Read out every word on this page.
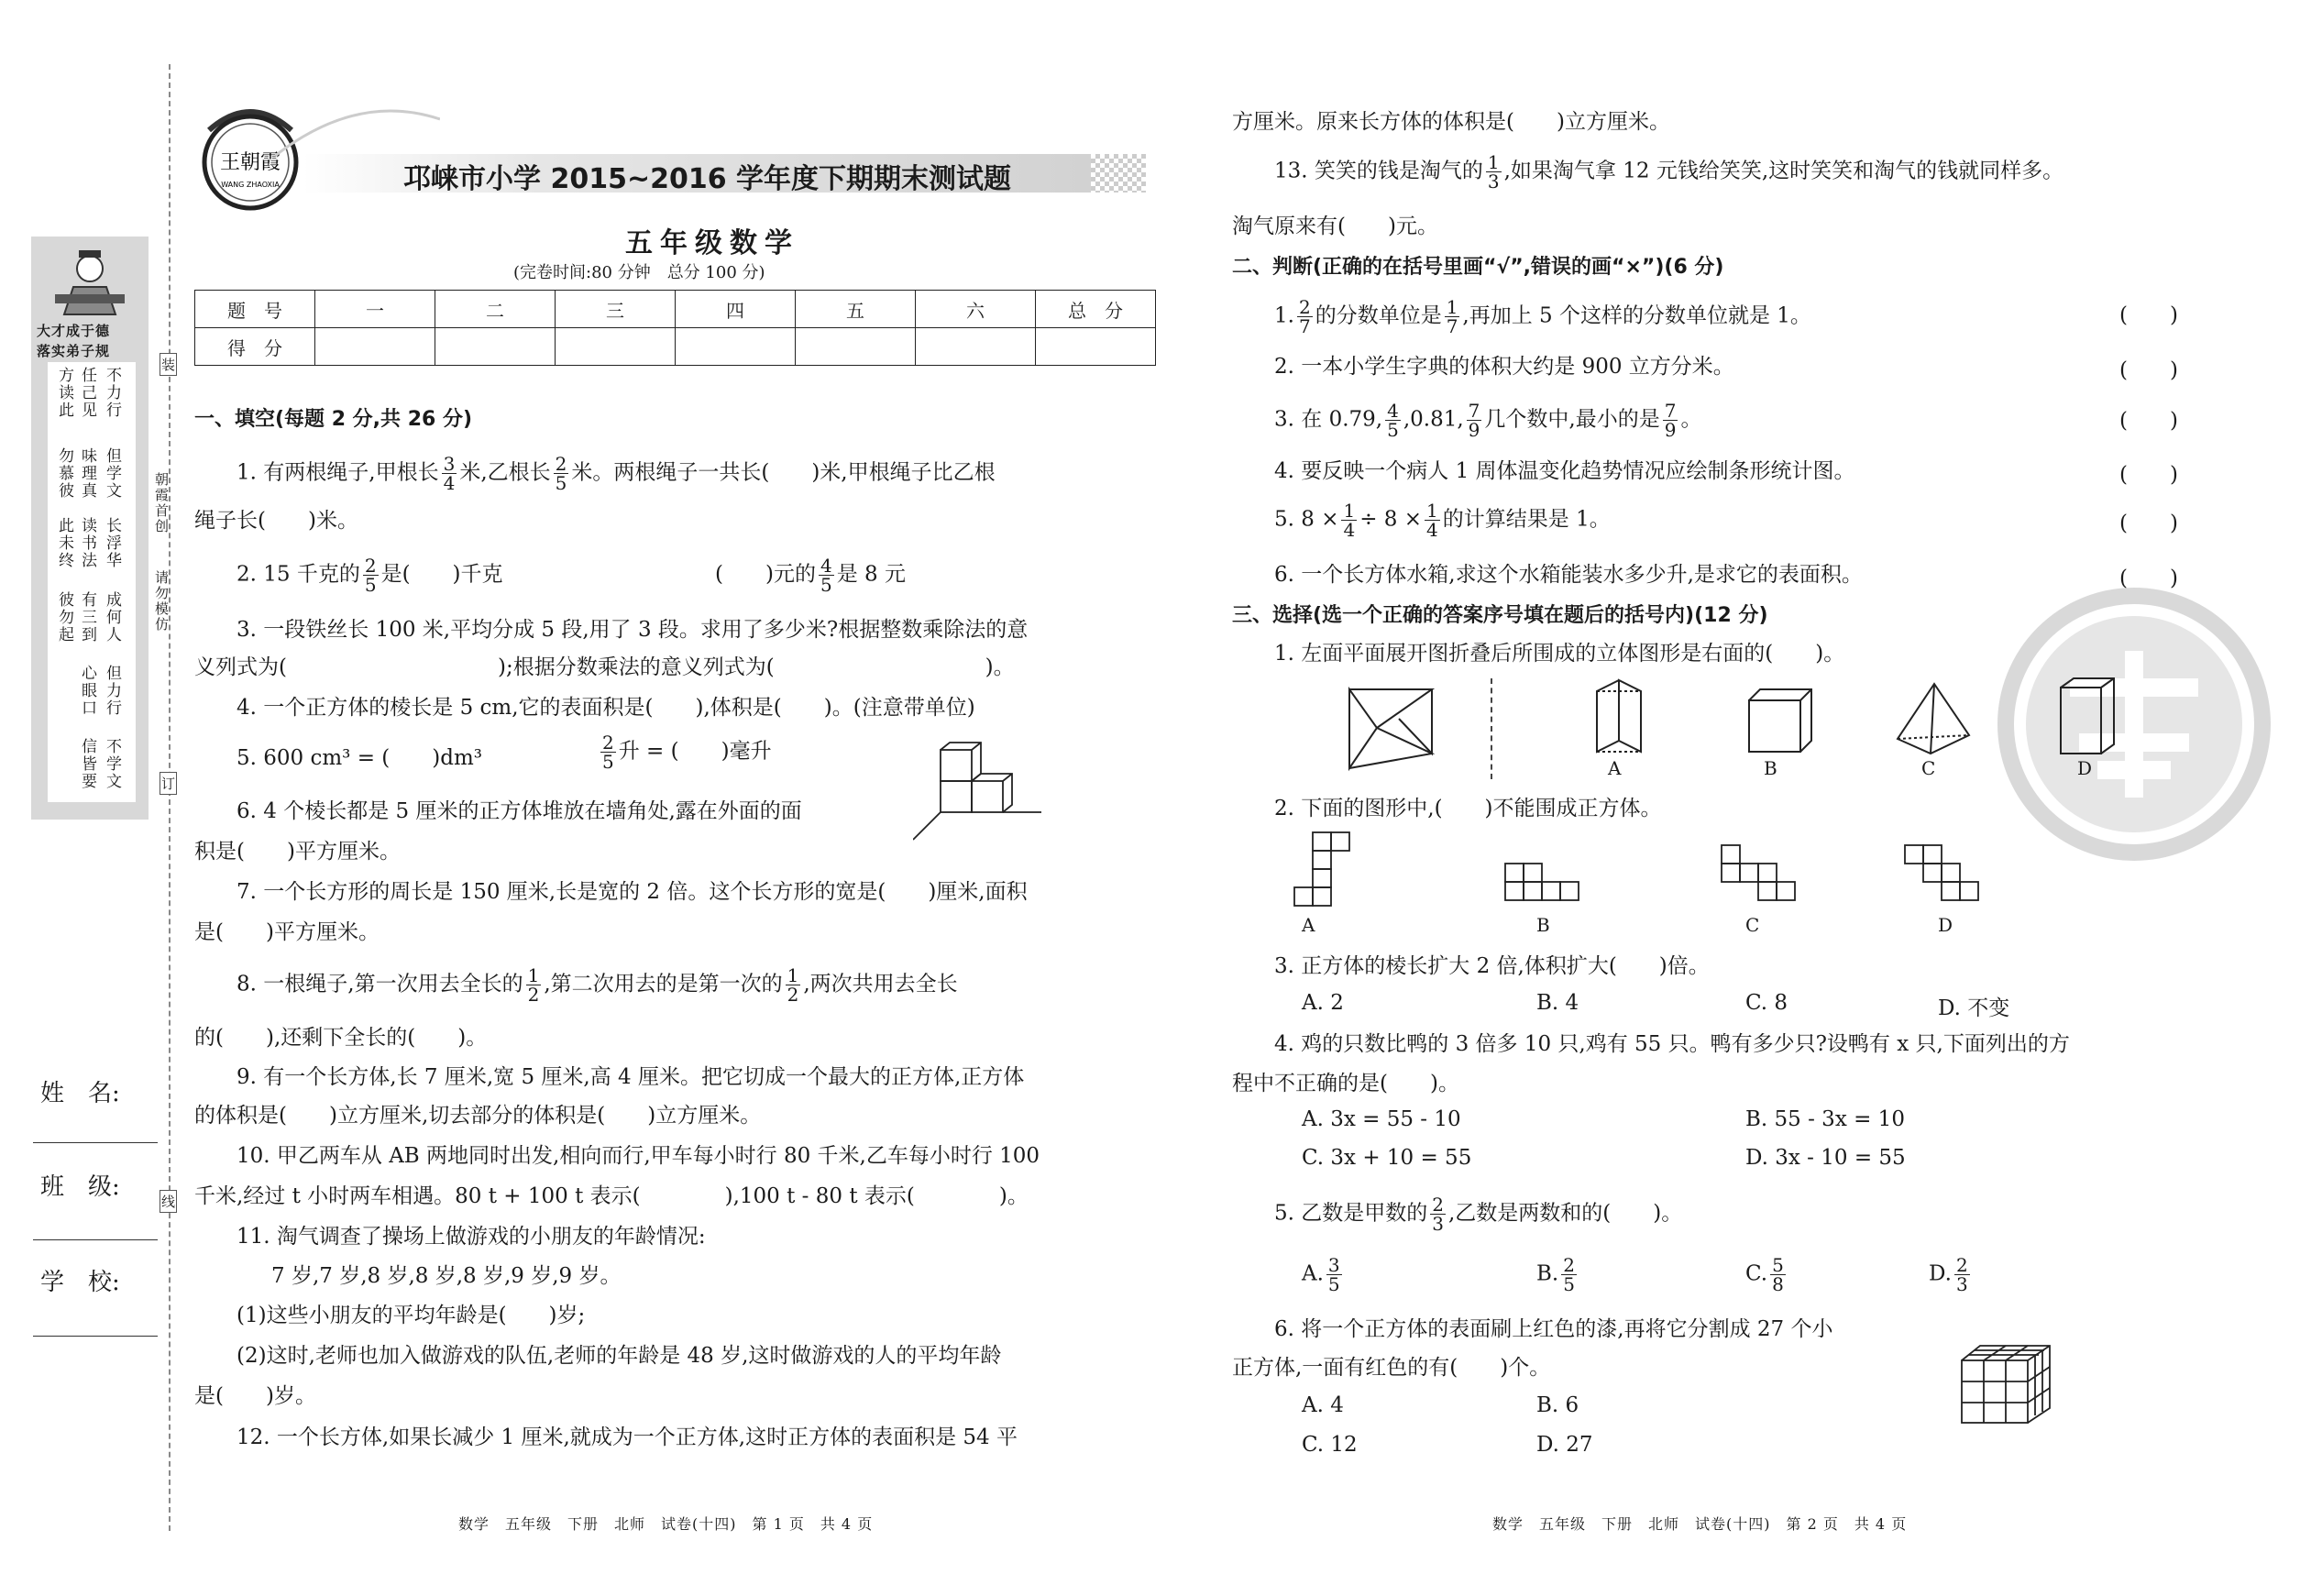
大才成于德
落实弟子规
方读此
勿慕彼
此未终
彼勿起
任己见
味理真
读书法
有三到
心眼口
信皆要
不力行
但学文
长浮华
成何人
但力行
不学文
朝霞首创
请勿模仿
装
订
线
姓　名:
班　级:
学　校:
王朝霞
WANG ZHAOXIA	邛崃市小学 2015~2016 学年度下期期末测试题
五年级数学
(完卷时间:80 分钟　总分 100 分)
题　号	一	二	三	四	五	六	总　分
得　分							
一、填空(每题 2 分,共 26 分)
1. 有两根绳子,甲根长 $\frac{3}{4}$ 米,乙根长 $\frac{2}{5}$ 米。两根绳子一共长(　　)米,甲根绳子比乙根
绳子长(　　)米。
2. 15 千克的 $\frac{2}{5}$ 是(　　)千克	(　　)元的 $\frac{4}{5}$ 是 8 元
3. 一段铁丝长 100 米,平均分成 5 段,用了 3 段。求用了多少米?根据整数乘除法的意
义列式为(　　　　　　　　　　);根据分数乘法的意义列式为(　　　　　　　　　　)。
4. 一个正方体的棱长是 5 cm,它的表面积是(　　),体积是(　　)。(注意带单位)
5. 600 cm³ = (　　)dm³	$\frac{2}{5}$ 升 = (　　)毫升
6. 4 个棱长都是 5 厘米的正方体堆放在墙角处,露在外面的面
积是(　　)平方厘米。
7. 一个长方形的周长是 150 厘米,长是宽的 2 倍。这个长方形的宽是(　　)厘米,面积
是(　　)平方厘米。
8. 一根绳子,第一次用去全长的 $\frac{1}{2}$ ,第二次用去的是第一次的 $\frac{1}{2}$ ,两次共用去全长
的(　　),还剩下全长的(　　)。
9. 有一个长方体,长 7 厘米,宽 5 厘米,高 4 厘米。把它切成一个最大的正方体,正方体
的体积是(　　)立方厘米,切去部分的体积是(　　)立方厘米。
10. 甲乙两车从 AB 两地同时出发,相向而行,甲车每小时行 80 千米,乙车每小时行 100
千米,经过 t 小时两车相遇。80 t + 100 t 表示(　　　　),100 t - 80 t 表示(　　　　)。
11. 淘气调查了操场上做游戏的小朋友的年龄情况:
7 岁,7 岁,8 岁,8 岁,8 岁,9 岁,9 岁。
(1)这些小朋友的平均年龄是(　　)岁;
(2)这时,老师也加入做游戏的队伍,老师的年龄是 48 岁,这时做游戏的人的平均年龄
是(　　)岁。
12. 一个长方体,如果长减少 1 厘米,就成为一个正方体,这时正方体的表面积是 54 平
数学　五年级　下册　北师　试卷(十四)　第 1 页　共 4 页
方厘米。原来长方体的体积是(　　)立方厘米。
13. 笑笑的钱是淘气的 $\frac{1}{3}$ ,如果淘气拿 12 元钱给笑笑,这时笑笑和淘气的钱就同样多。
淘气原来有(　　)元。
二、判断(正确的在括号里画“√”,错误的画“×”)(6 分)
1. $\frac{2}{7}$ 的分数单位是 $\frac{1}{7}$ ,再加上 5 个这样的分数单位就是 1。	(　　)
2. 一本小学生字典的体积大约是 900 立方分米。	(　　)
3. 在 0.79, $\frac{4}{5} ,0.81$, $\frac{7}{9}$ 几个数中,最小的是 $\frac{7}{9}$ 。	(　　)
4. 要反映一个病人 1 周体温变化趋势情况应绘制条形统计图。	(　　)
5. $8 \times \frac{1}{4} \div 8 \times \frac{1}{4}$ 的计算结果是 1。	(　　)
6. 一个长方体水箱,求这个水箱能装水多少升,是求它的表面积。	(　　)
三、选择(选一个正确的答案序号填在题后的括号内)(12 分)
1. 左面平面展开图折叠后所围成的立体图形是右面的(　　)。
A	B	C	D
2. 下面的图形中,(　　)不能围成正方体。
A	B	C	D
3. 正方体的棱长扩大 2 倍,体积扩大(　　)倍。
A. 2	B. 4	C. 8	D. 不变
4. 鸡的只数比鸭的 3 倍多 10 只,鸡有 55 只。鸭有多少只?设鸭有 x 只,下面列出的方
程中不正确的是(　　)。
A. 3x = 55 - 10	B. 55 - 3x = 10
C. 3x + 10 = 55	D. 3x - 10 = 55
5. 乙数是甲数的 $\frac{2}{3}$ ,乙数是两数和的(　　)。
A. $\frac{3}{5}$	B. $\frac{2}{5}$	C. $\frac{5}{8}$	D. $\frac{2}{3}$
6. 将一个正方体的表面刷上红色的漆,再将它分割成 27 个小
正方体,一面有红色的有(　　)个。
A. 4	B. 6
C. 12	D. 27
数学　五年级　下册　北师　试卷(十四)　第 2 页　共 4 页
